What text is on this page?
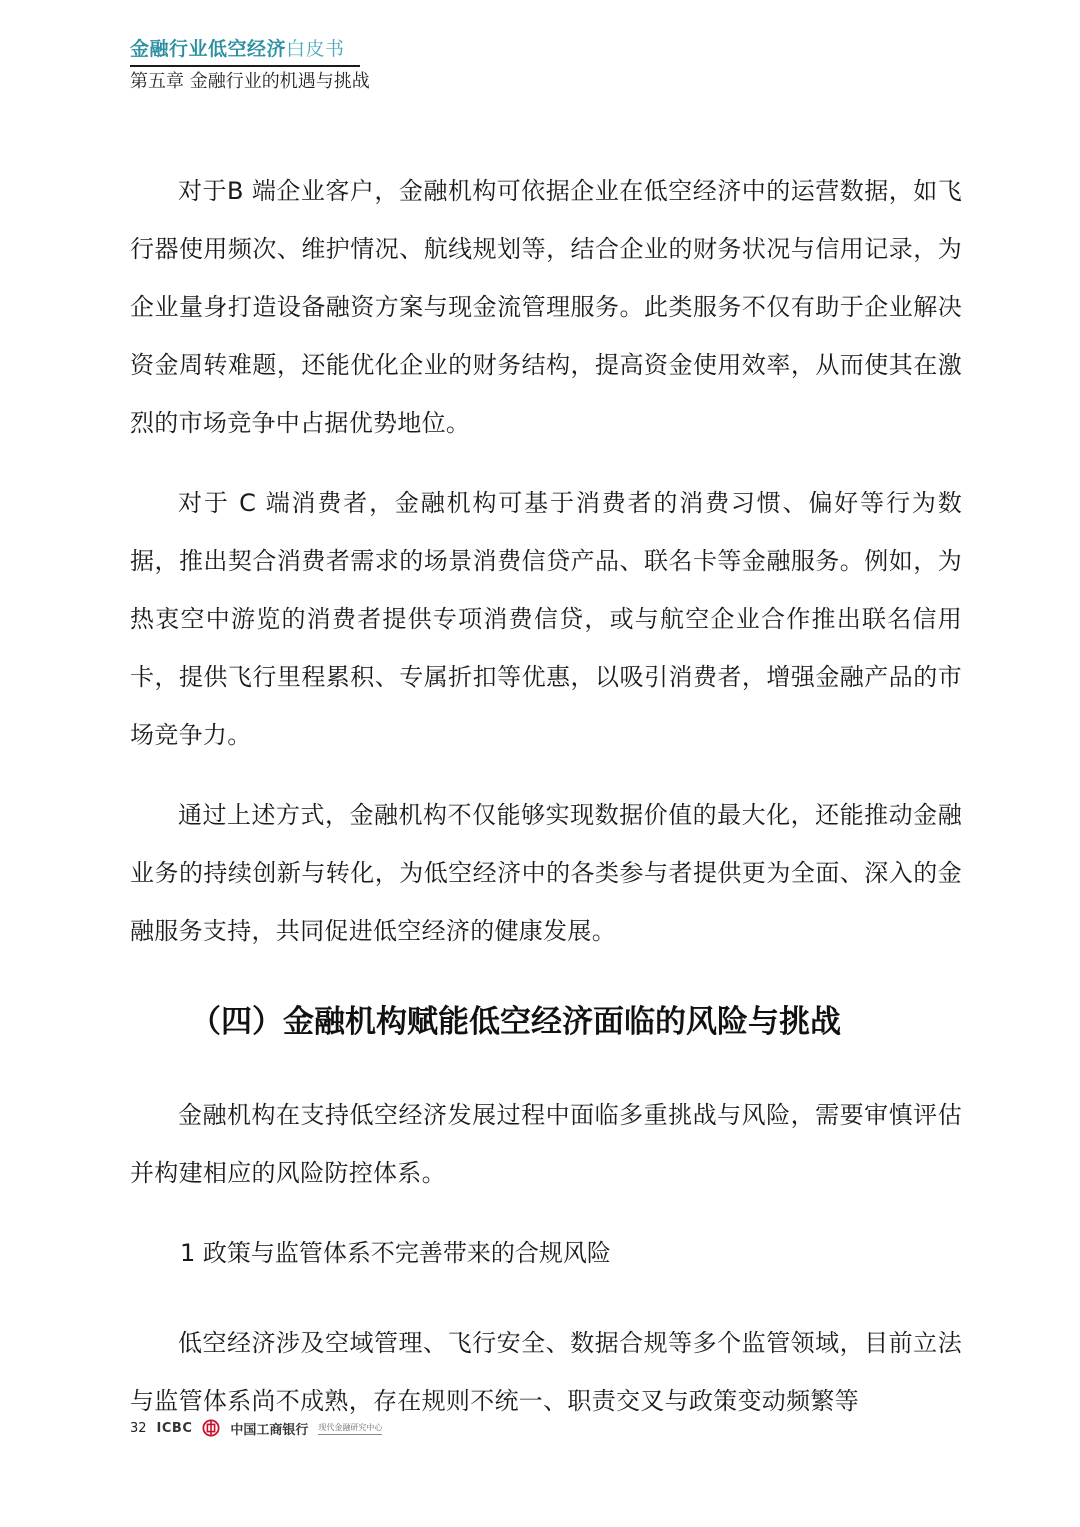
金融行业低空经济白皮书
第五章 金融行业的机遇与挑战

对于B 端企业客户，金融机构可依据企业在低空经济中的运营数据，如飞行器使用频次、维护情况、航线规划等，结合企业的财务状况与信用记录，为企业量身打造设备融资方案与现金流管理服务。此类服务不仅有助于企业解决资金周转难题，还能优化企业的财务结构，提高资金使用效率，从而使其在激烈的市场竞争中占据优势地位。

对于 C 端消费者，金融机构可基于消费者的消费习惯、偏好等行为数据，推出契合消费者需求的场景消费信贷产品、联名卡等金融服务。例如，为热衷空中游览的消费者提供专项消费信贷，或与航空企业合作推出联名信用卡，提供飞行里程累积、专属折扣等优惠，以吸引消费者，增强金融产品的市场竞争力。

通过上述方式，金融机构不仅能够实现数据价值的最大化，还能推动金融业务的持续创新与转化，为低空经济中的各类参与者提供更为全面、深入的金融服务支持，共同促进低空经济的健康发展。

（四）金融机构赋能低空经济面临的风险与挑战

金融机构在支持低空经济发展过程中面临多重挑战与风险，需要审慎评估并构建相应的风险防控体系。

1 政策与监管体系不完善带来的合规风险

低空经济涉及空域管理、飞行安全、数据合规等多个监管领域，目前立法与监管体系尚不成熟，存在规则不统一、职责交叉与政策变动频繁等

32 ICBC	中国工商银行 现代金融研究中心
